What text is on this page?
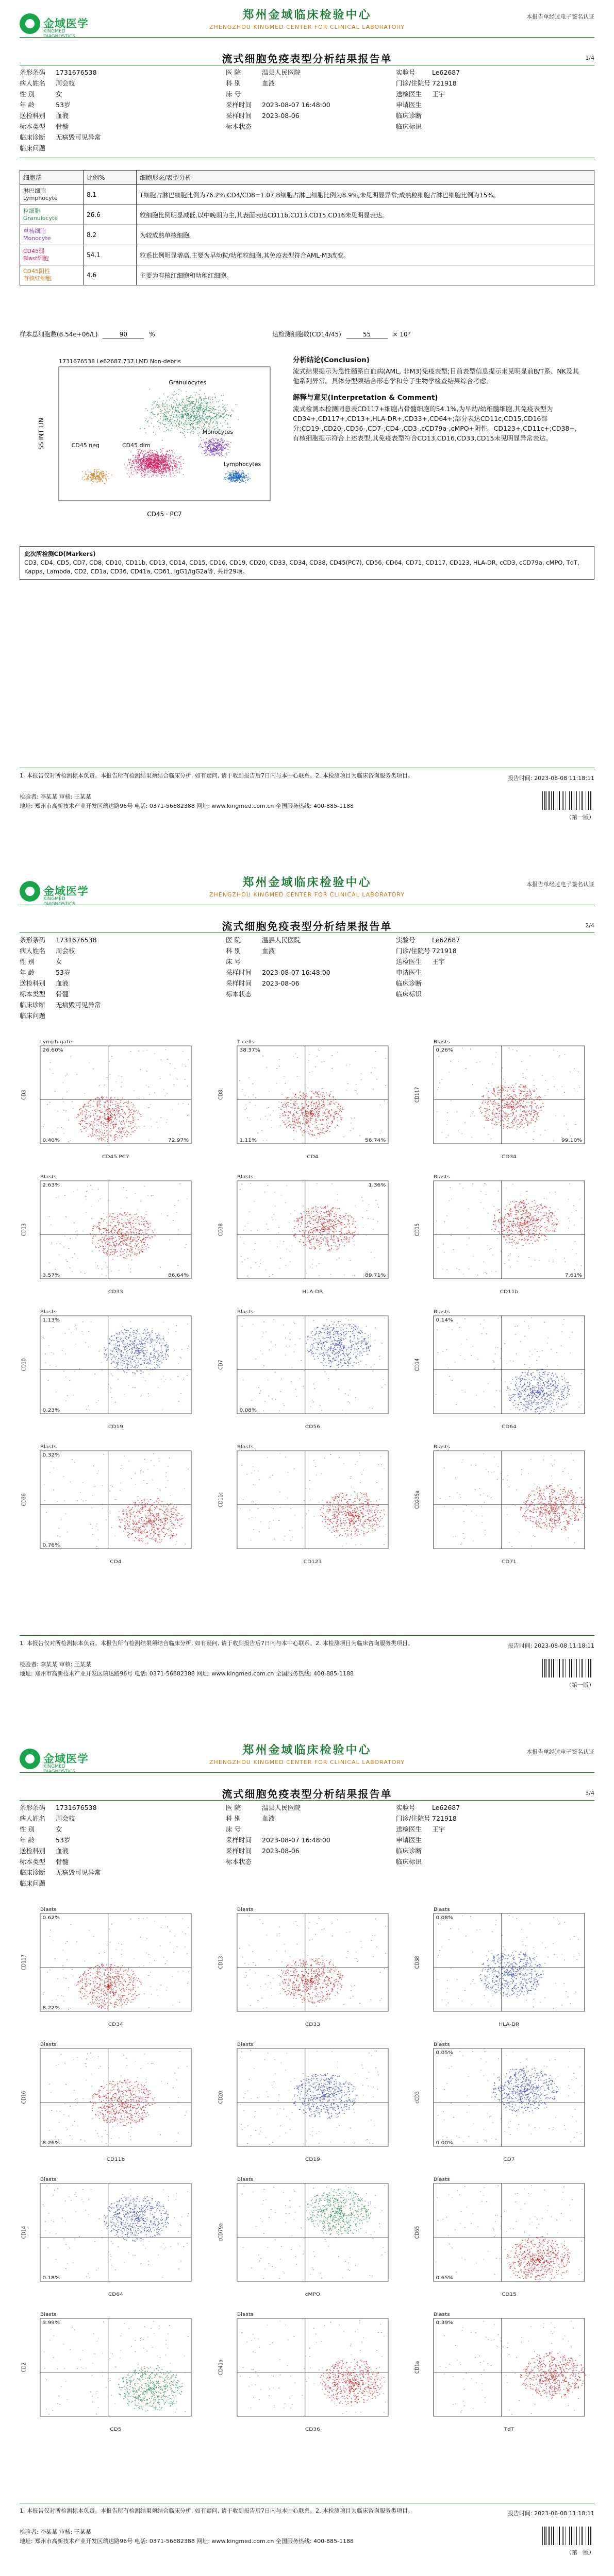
金域医学
KINGMED DIAGNOSTICS
郑州金域临床检验中心
ZHENGZHOU KINGMED CENTER FOR CLINICAL LABORATORY
本报告单经过电子签名认证
流式细胞免疫表型分析结果报告单	1/4
条形条码	1731676538	医 院	温县人民医院	实验号	Le62687
病人姓名	周会枝	科 别	血液	门诊/住院号 721918
性 别	女	床 号	送检医生	王宇
年 龄	53岁	采样时间	2023-08-07 16:48:00	申请医生
送检科别	血液	采样时间	2023-08-06	临床诊断
标本类型	骨髓	标本状态	临床标识
临床诊断	无病毁可见异常
临床问题
细胞群	比例%	细胞形态/表型分析
淋巴细胞
Lymphocyte	8.1	T细胞占淋巴细胞比例为76.2%,CD4/CD8=1.07,B细胞占淋巴细胞比例为8.9%,未见明显异常;成熟粒细胞占淋巴细胞比例为15%。
粒细胞
Granulocyte	26.6	粒细胞比例明显减低,以中晚期为主,其表面表达CD11b,CD13,CD15,CD16未见明显表达。
单核细胞
Monocyte	8.2	为较成熟单核细胞。
CD45弱
Blast细胞	54.1	粒系比例明显增高,主要为早幼粒/幼稚粒细胞,其免疫表型符合AML-M3改变。
CD45阴性
有核红细胞	4.6	主要为有核红细胞和幼稚红细胞。
样本总细胞数(8.54e+06/L)	90	%	达检测细胞数(CD14/45)	55	× 10³
1731676538 Le62687.737.LMD Non-debris
CD45 · PC7
SS INT LIN
Granulocytes
Monocytes
CD45 neg	CD45 dim
Lymphocytes
分析结论(Conclusion)
流式结果提示为急性髓系白血病(AML, 非M3)免疫表型;目前表型信息提示未见明显前B/T系、NK及其他系列异常。具体分型须结合形态学和分子生物学检查结果综合考虑。
解释与意见(Interpretation & Comment)
流式检测本检测同意表CD117+细胞占骨髓细胞的54.1%,为早幼/幼稚髓细胞,其免疫表型为CD34+,CD117+,CD13+,HLA-DR+,CD33+,CD64+;部分表达CD11c,CD15,CD16部分;CD19-,CD20-,CD56-,CD7-,CD4-,CD3-,cCD79a-,cMPO+阴性。CD123+,CD11c+;CD38+,有核细胞提示符合上述表型,其免疫表型符合CD13,CD16,CD33,CD15未见明显异常表达。
此次所检测CD(Markers)
CD3, CD4, CD5, CD7, CD8, CD10, CD11b, CD13, CD14, CD15, CD16, CD19, CD20, CD33, CD34, CD38, CD45(PC7), CD56, CD64, CD71, CD117, CD123, HLA-DR, cCD3, cCD79a, cMPO, TdT, Kappa, Lambda, CD2, CD1a, CD36, CD41a, CD61, IgG1/IgG2a等, 共计29项。
1. 本报告仅对所检测标本负责。本报告所有检测结果须结合临床分析, 如有疑问, 请于收到报告后7日内与本中心联系。2. 本检测项目为临床咨询服务类项目。
检验者: 李某某 审核: 王某某
地址: 郑州市高新技术产业开发区瑞达路96号 电话: 0371-56682388 网址: www.kingmed.com.cn 全国服务热线: 400-885-1188
报告时间: 2023-08-08 11:18:11
（第一版）
金域医学
KINGMED DIAGNOSTICS
郑州金域临床检验中心
ZHENGZHOU KINGMED CENTER FOR CLINICAL LABORATORY
本报告单经过电子签名认证
流式细胞免疫表型分析结果报告单	2/4
条形条码	1731676538	医 院	温县人民医院	实验号	Le62687
病人姓名	周会枝	科 别	血液	门诊/住院号 721918
性 别	女	床 号	送检医生	王宇
年 龄	53岁	采样时间	2023-08-07 16:48:00	申请医生
送检科别	血液	采样时间	2023-08-06	临床诊断
标本类型	骨髓	标本状态	临床标识
临床诊断	无病毁可见异常
临床问题
Lymph gate
CD45 PC7
CD3
26.60%
0.40%	72.97%
T cells
CD4
CD8
38.37%
1.11%	56.74%
Blasts
CD34
CD117
0.26%
99.10%
Blasts
CD33
CD13
2.63%
3.57%	86.64%
Blasts
HLA-DR
CD38
1.36%
89.71%
Blasts
CD11b
CD15
7.61%
Blasts
CD19
CD10
1.13%
0.23%
Blasts
CD56
CD7
0.08%
Blasts
CD64
CD14
0.14%
Blasts
CD4
CD36
0.32%
0.76%
Blasts
CD123
CD11c
Blasts
CD71
CD235a
1. 本报告仅对所检测标本负责。本报告所有检测结果须结合临床分析, 如有疑问, 请于收到报告后7日内与本中心联系。2. 本检测项目为临床咨询服务类项目。
检验者: 李某某 审核: 王某某
地址: 郑州市高新技术产业开发区瑞达路96号 电话: 0371-56682388 网址: www.kingmed.com.cn 全国服务热线: 400-885-1188
报告时间: 2023-08-08 11:18:11
（第一版）
金域医学
KINGMED DIAGNOSTICS
郑州金域临床检验中心
ZHENGZHOU KINGMED CENTER FOR CLINICAL LABORATORY
本报告单经过电子签名认证
流式细胞免疫表型分析结果报告单	3/4
条形条码	1731676538	医 院	温县人民医院	实验号	Le62687
病人姓名	周会枝	科 别	血液	门诊/住院号 721918
性 别	女	床 号	送检医生	王宇
年 龄	53岁	采样时间	2023-08-07 16:48:00	申请医生
送检科别	血液	采样时间	2023-08-06	临床诊断
标本类型	骨髓	标本状态	临床标识
临床诊断	无病毁可见异常
临床问题
Blasts
CD34
CD117
0.62%
8.22%
Blasts
CD33
CD13
Blasts
HLA-DR
CD38
0.08%
Blasts
CD11b
CD16
8.26%
Blasts
CD19
CD20
Blasts
CD7
cCD3
0.05%
0.00%
Blasts
CD64
CD14
0.18%
Blasts
cMPO
cCD79a
Blasts
CD15
CD65
0.65%
Blasts
CD5
CD2
3.99%
Blasts
CD36
CD41a
Blasts
TdT
CD1a
0.39%
1. 本报告仅对所检测标本负责。本报告所有检测结果须结合临床分析, 如有疑问, 请于收到报告后7日内与本中心联系。2. 本检测项目为临床咨询服务类项目。
检验者: 李某某 审核: 王某某
地址: 郑州市高新技术产业开发区瑞达路96号 电话: 0371-56682388 网址: www.kingmed.com.cn 全国服务热线: 400-885-1188
报告时间: 2023-08-08 11:18:11
（第一版）
